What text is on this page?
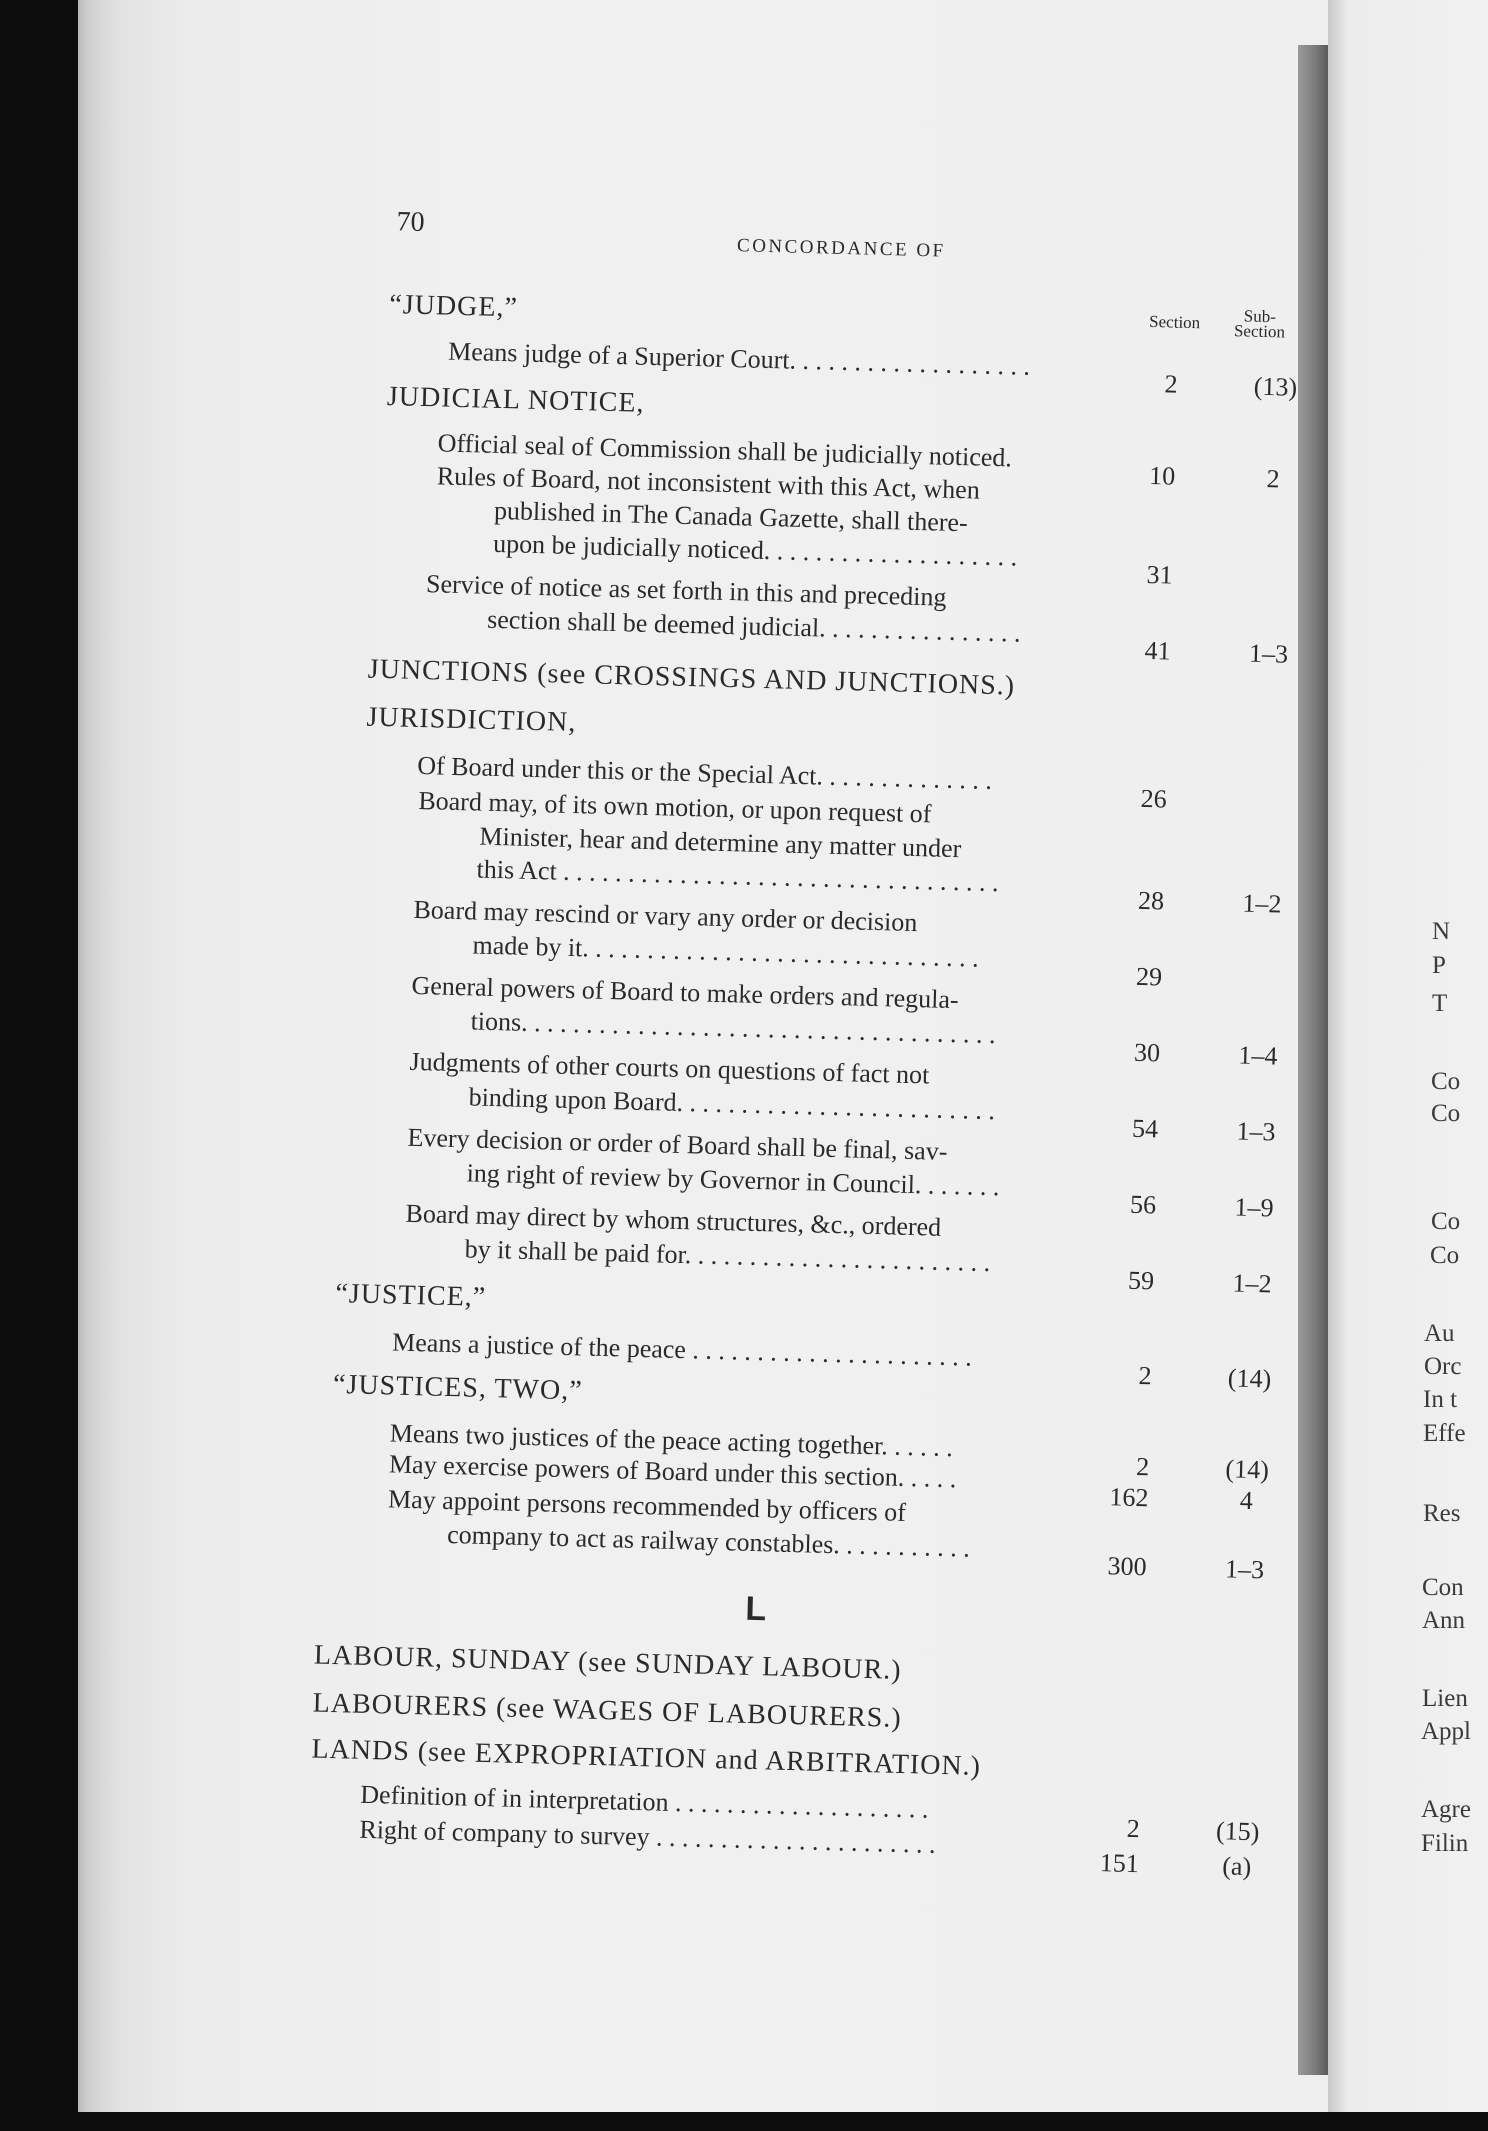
N
P
T
Co
Co
Co
Co
Au
Orc
In t
Effe
Res
Con
Ann
Lien
Appl
Agre
Filin
70
CONCORDANCE OF
Section	Sub-
Section
L
“JUDGE,”
Means judge of a Superior Court. . . . . . . . . . . . . . . . . . .
2	(13)
JUDICIAL NOTICE,
Official seal of Commission shall be judicially noticed.
10	2
Rules of Board, not inconsistent with this Act, when
published in The Canada Gazette, shall there-
upon be judicially noticed. . . . . . . . . . . . . . . . . . . .
31
Service of notice as set forth in this and preceding
section shall be deemed judicial. . . . . . . . . . . . . . . .
41	1–3
JUNCTIONS (see CROSSINGS AND JUNCTIONS.)
JURISDICTION,
Of Board under this or the Special Act. . . . . . . . . . . . . .
26
Board may, of its own motion, or upon request of
Minister, hear and determine any matter under
this Act . . . . . . . . . . . . . . . . . . . . . . . . . . . . . . . . . .
28	1–2
Board may rescind or vary any order or decision
made by it. . . . . . . . . . . . . . . . . . . . . . . . . . . . . . .
29
General powers of Board to make orders and regula-
tions. . . . . . . . . . . . . . . . . . . . . . . . . . . . . . . . . . . . .
30	1–4
Judgments of other courts on questions of fact not
binding upon Board. . . . . . . . . . . . . . . . . . . . . . . . .
54	1–3
Every decision or order of Board shall be final, sav-
ing right of review by Governor in Council. . . . . . .
56	1–9
Board may direct by whom structures, &c., ordered
by it shall be paid for. . . . . . . . . . . . . . . . . . . . . . . .
59	1–2
“JUSTICE,”
Means a justice of the peace . . . . . . . . . . . . . . . . . . . . . .
2	(14)
“JUSTICES, TWO,”
Means two justices of the peace acting together. . . . . .
2	(14)
May exercise powers of Board under this section. . . . .
162	4
May appoint persons recommended by officers of
company to act as railway constables. . . . . . . . . . .
300	1–3
LABOUR, SUNDAY (see SUNDAY LABOUR.)
LABOURERS (see WAGES OF LABOURERS.)
LANDS (see EXPROPRIATION and ARBITRATION.)
Definition of in interpretation . . . . . . . . . . . . . . . . . . . .
2	(15)
Right of company to survey . . . . . . . . . . . . . . . . . . . . . .
151	(a)
